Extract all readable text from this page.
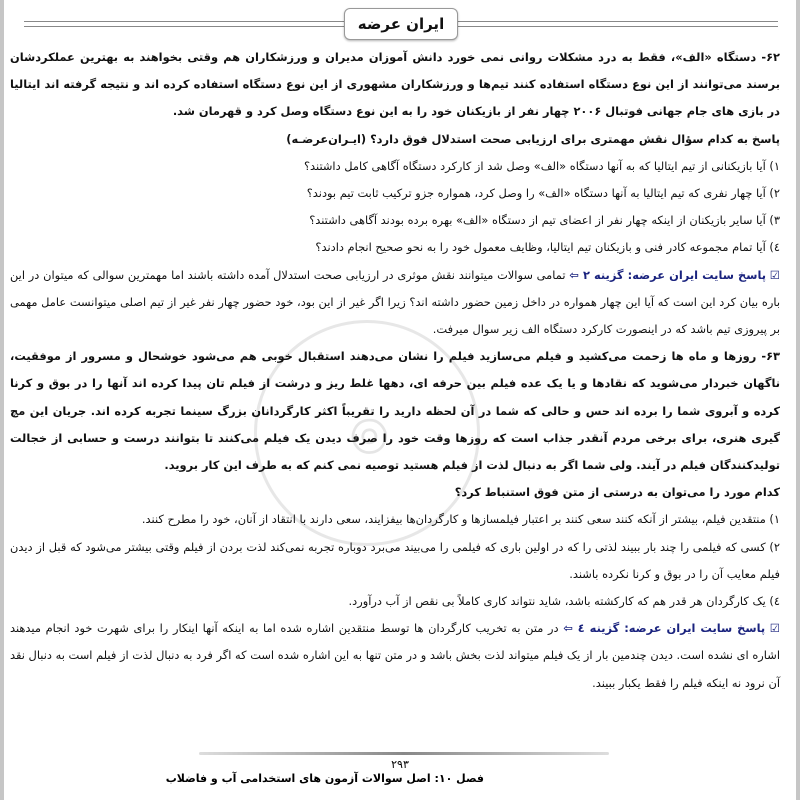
ایران عرضه
◎

۶۲- دستگاه «الف»، فقط به درد مشکلات روانی نمی خورد دانش آموزان مدیران و ورزشکاران هم وقتی بخواهند به بهترین عملکردشان برسند می‌توانند از این نوع دستگاه استفاده کنند تیم‌ها و ورزشکاران مشهوری از این نوع دستگاه استفاده کرده اند و نتیجه گرفته اند ایتالیا در بازی های جام جهانی فوتبال ۲۰۰۶ چهار نفر از بازیکنان خود را به این نوع دستگاه وصل کرد و قهرمان شد.

پاسخ به کدام سؤال نقش مهمتری برای ارزیابی صحت استدلال فوق دارد؟ (ایـران‌عرضـه)

۱) آیا بازیکنانی از تیم ایتالیا که به آنها دستگاه «الف» وصل شد از کارکرد دستگاه آگاهی کامل داشتند؟

۲) آیا چهار نفری که تیم ایتالیا به آنها دستگاه «الف» را وصل کرد، همواره جزو ترکیب ثابت تیم بودند؟

۳) آیا سایر بازیکنان از اینکه چهار نفر از اعضای تیم از دستگاه «الف» بهره برده بودند آگاهی داشتند؟

٤) آیا تمام مجموعه کادر فنی و بازیکنان تیم ایتالیا، وظایف معمول خود را به نحو صحیح انجام دادند؟

☑ پاسخ سایت ایران عرضه: گزینه ۲ ⇦ تمامی سوالات میتوانند نقش موثری در ارزیابی صحت استدلال آمده داشته باشند اما مهمترین سوالی که میتوان در این باره بیان کرد این است که آیا این چهار همواره در داخل زمین حضور داشته اند؟ زیرا اگر غیر از این بود، خود حضور چهار نفر غیر از تیم اصلی میتوانست عامل مهمی بر پیروزی تیم باشد که در اینصورت کارکرد دستگاه الف زیر سوال میرفت.

۶۳- روزها و ماه ها زحمت می‌کشید و فیلم می‌سازید فیلم را نشان می‌دهند استقبال خوبی هم می‌شود خوشحال و مسرور از موفقیت، ناگهان خبردار می‌شوید که نقادها و یا یک عده فیلم بین حرفه ای، دهها غلط ریز و درشت از فیلم تان پیدا کرده اند آنها را در بوق و کرنا کرده و آبروی شما را برده اند حس و حالی که شما در آن لحظه دارید را تقریباً اکثر کارگردانان بزرگ سینما تجربه کرده اند. جریان این مچ گیری هنری، برای برخی مردم آنقدر جذاب است که روزها وقت خود را صرف دیدن یک فیلم می‌کنند تا بتوانند درست و حسابی از خجالت تولیدکنندگان فیلم در آیند. ولی شما اگر به دنبال لذت از فیلم هستید توصیه نمی کنم که به طرف این کار بروید.

کدام مورد را می‌توان به درستی از متن فوق استنباط کرد؟

۱) منتقدین فیلم، بیشتر از آنکه کنند سعی کنند بر اعتبار فیلمسازها و کارگردان‌ها بیفزایند، سعی دارند با انتقاد از آنان، خود را مطرح کنند.

۲) کسی که فیلمی را چند بار ببیند لذتی را که در اولین باری که فیلمی را می‌بیند می‌برد دوباره تجربه نمی‌کند لذت بردن از فیلم وقتی بیشتر می‌شود که قبل از دیدن فیلم معایب آن را در بوق و کرنا نکرده باشند.

٤) یک کارگردان هر قدر هم که کارکشته باشد، شاید نتواند کاری کاملاً بی نقص از آب درآورد.

☑ پاسخ سایت ایران عرضه: گزینه ٤ ⇦ در متن به تخریب کارگردان ها توسط منتقدین اشاره شده اما به اینکه آنها اینکار را برای شهرت خود انجام میدهند اشاره ای نشده است. دیدن چندمین بار از یک فیلم میتواند لذت بخش باشد و در متن تنها به این اشاره شده است که اگر فرد به دنبال لذت از فیلم است به دنبال نقد آن نرود نه اینکه فیلم را فقط یکبار ببیند.

۲۹۳
فصل ۱۰: اصل سوالات آزمون های استخدامی آب و فاضلاب
